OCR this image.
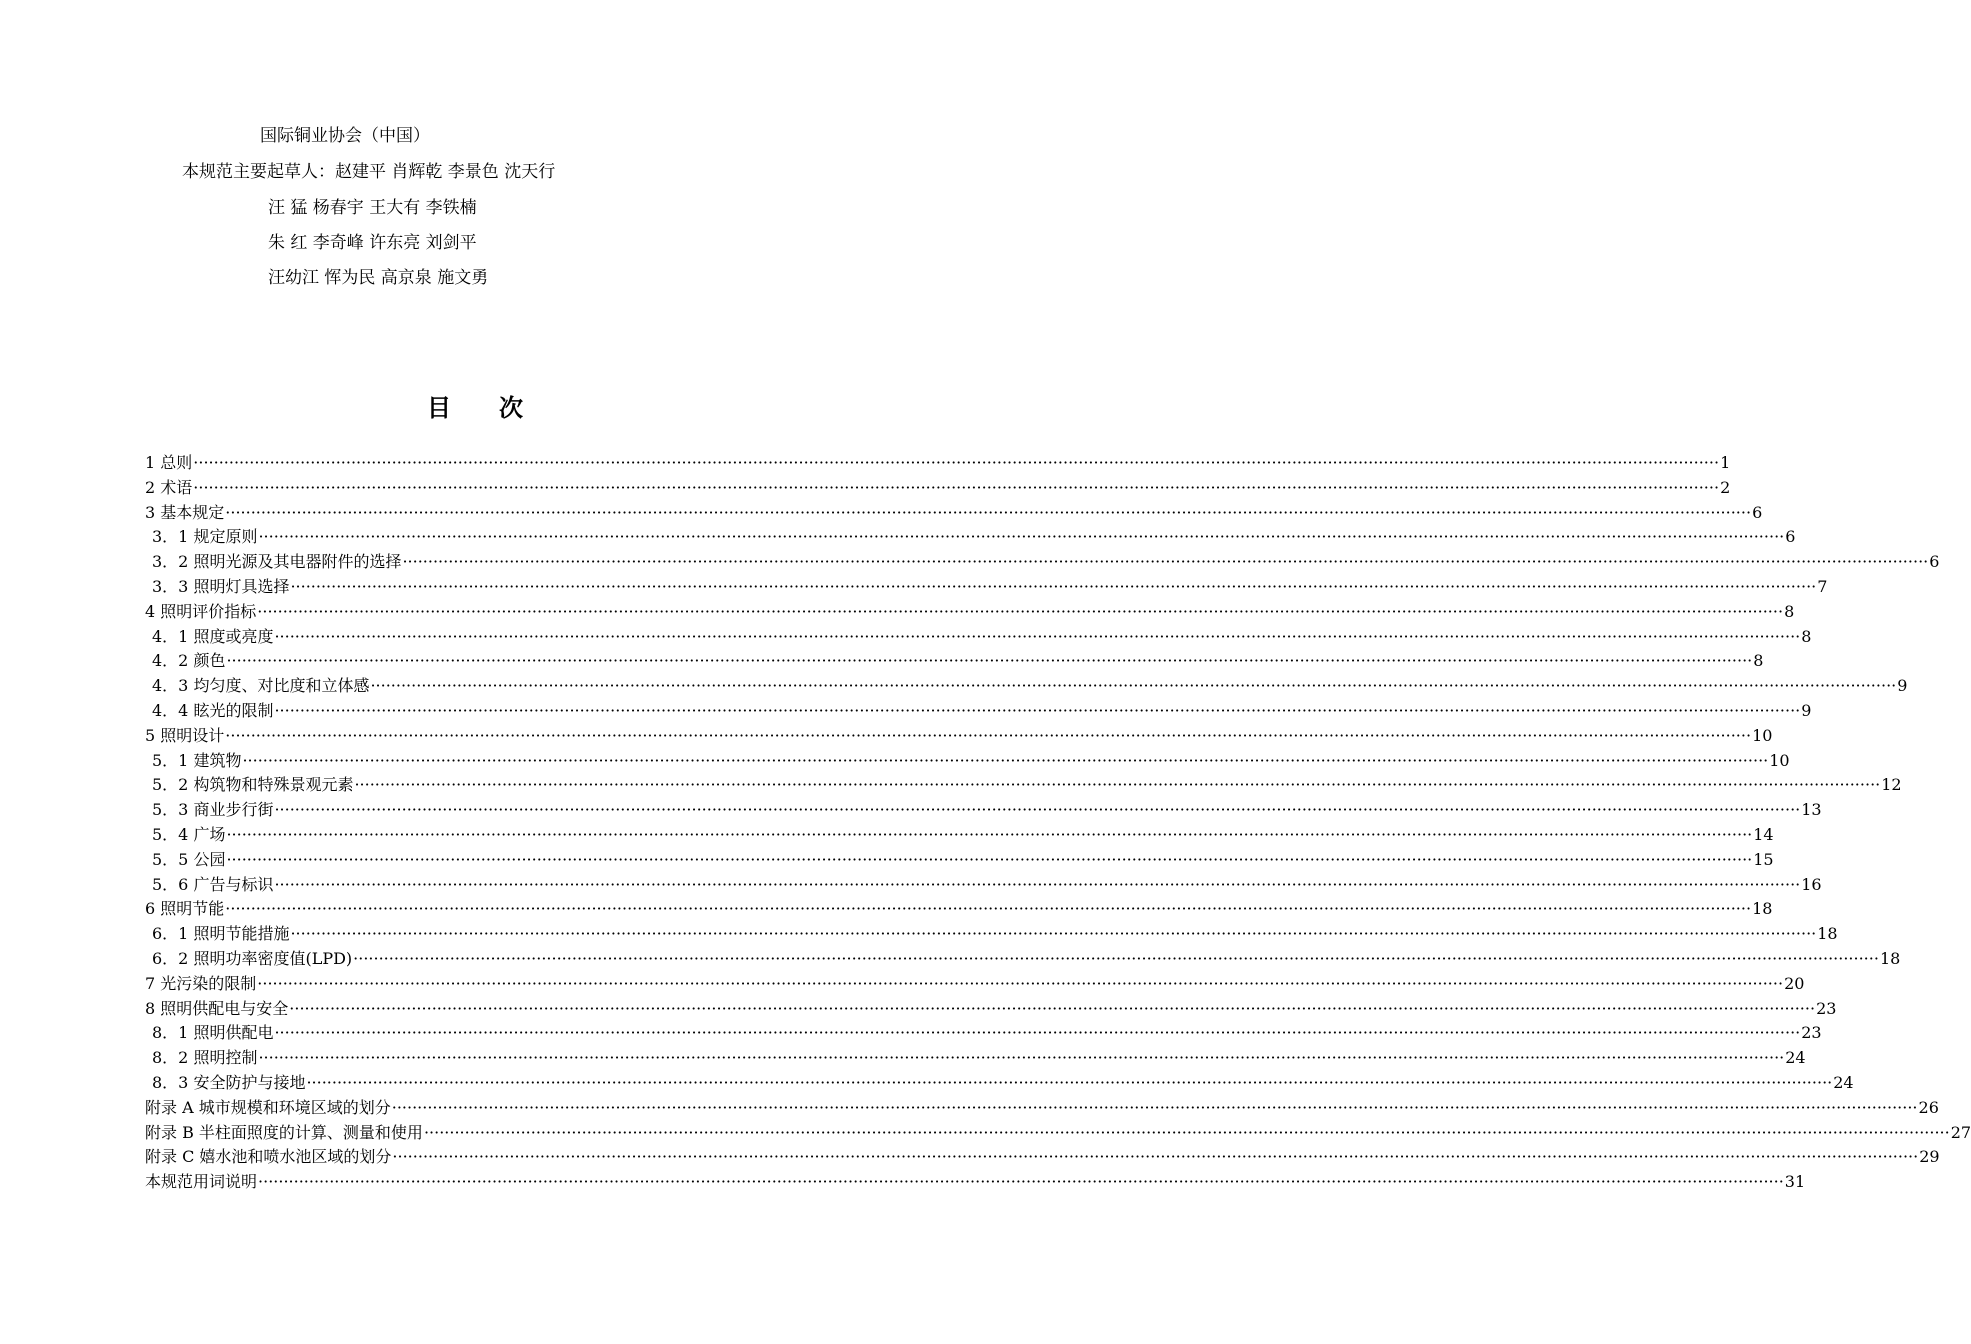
国际铜业协会（中国）
本规范主要起草人：赵建平 肖辉乾 李景色 沈天行
汪 猛 杨春宇 王大有 李铁楠
朱 红 李奇峰 许东亮 刘剑平
汪幼江 恽为民 高京泉 施文勇
目 次
1 总则 ············································································································································································································································································································ 1
2 术语 ············································································································································································································································································································ 2
3 基本规定 ············································································································································································································································································································ 6
3．1 规定原则 ············································································································································································································································································································ 6
3．2 照明光源及其电器附件的选择 ············································································································································································································································································································ 6
3．3 照明灯具选择 ············································································································································································································································································································ 7
4 照明评价指标 ············································································································································································································································································································ 8
4．1 照度或亮度 ············································································································································································································································································································ 8
4．2 颜色 ············································································································································································································································································································ 8
4．3 均匀度、对比度和立体感 ············································································································································································································································································································ 9
4．4 眩光的限制 ············································································································································································································································································································ 9
5 照明设计 ············································································································································································································································································································ 10
5．1 建筑物 ············································································································································································································································································································ 10
5．2 构筑物和特殊景观元素 ············································································································································································································································································································ 12
5．3 商业步行街 ············································································································································································································································································································ 13
5．4 广场 ············································································································································································································································································································ 14
5．5 公园 ············································································································································································································································································································ 15
5．6 广告与标识 ············································································································································································································································································································ 16
6 照明节能 ············································································································································································································································································································ 18
6．1 照明节能措施 ············································································································································································································································································································ 18
6．2 照明功率密度值(LPD) ············································································································································································································································································································ 18
7 光污染的限制 ············································································································································································································································································································ 20
8 照明供配电与安全 ············································································································································································································································································································ 23
8．1 照明供配电 ············································································································································································································································································································ 23
8．2 照明控制 ············································································································································································································································································································ 24
8．3 安全防护与接地 ············································································································································································································································································································ 24
附录 A 城市规模和环境区域的划分 ············································································································································································································································································································ 26
附录 B 半柱面照度的计算、测量和使用 ············································································································································································································································································································ 27
附录 C 嬉水池和喷水池区域的划分 ············································································································································································································································································································ 29
本规范用词说明 ············································································································································································································································································································ 31
